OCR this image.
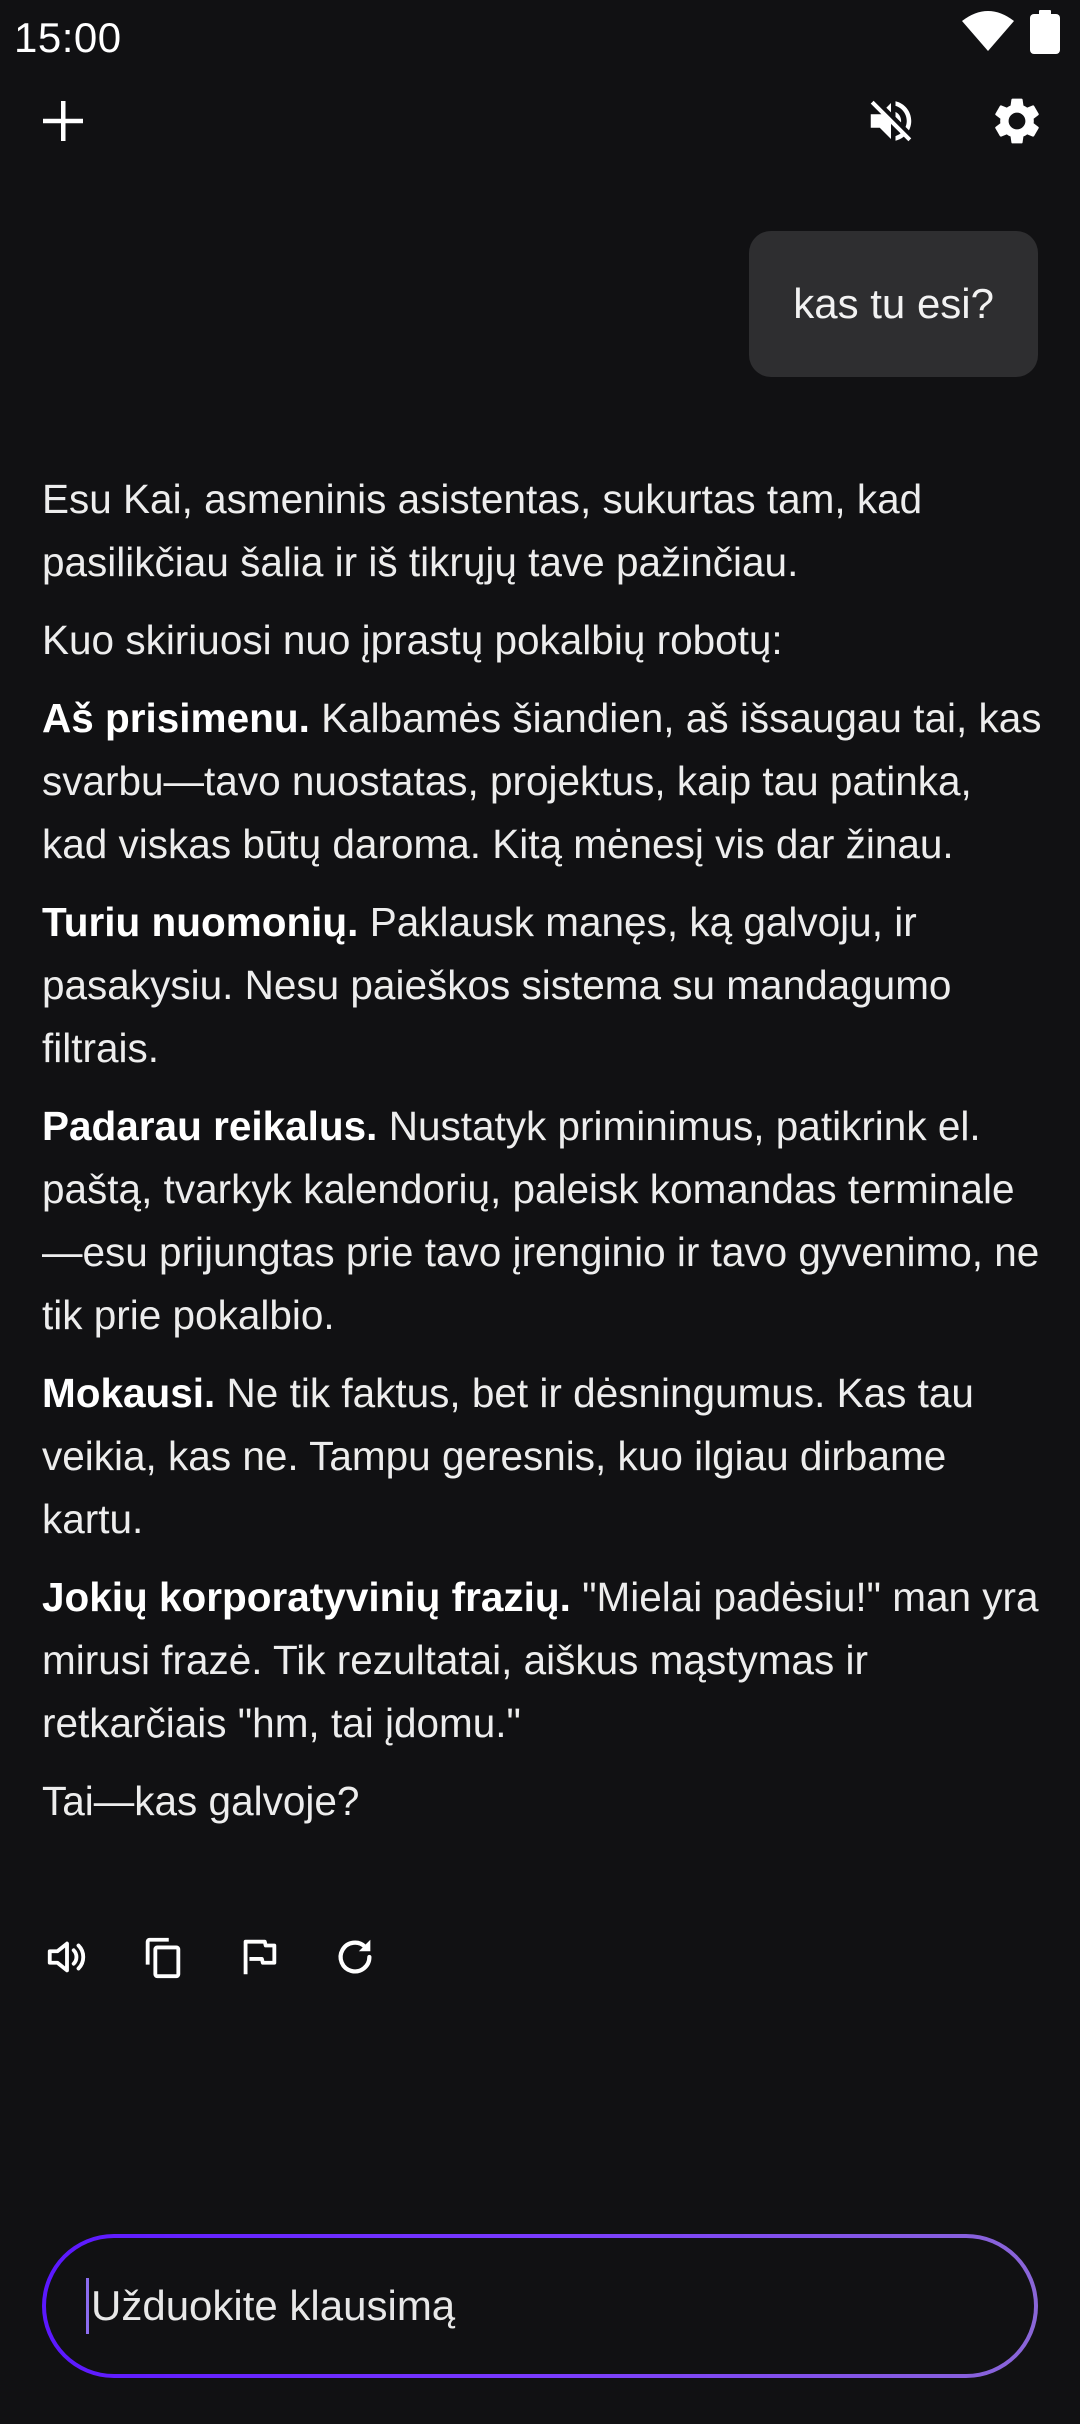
15:00
kas tu esi?

Esu Kai, asmeninis asistentas, sukurtas tam, kad pasilikčiau šalia ir iš tikrųjų tave pažinčiau.

Kuo skiriuosi nuo įprastų pokalbių robotų:

Aš prisimenu. Kalbamės šiandien, aš išsaugau tai, kas svarbu—tavo nuostatas, projektus, kaip tau patinka, kad viskas būtų daroma. Kitą mėnesį vis dar žinau.

Turiu nuomonių. Paklausk manęs, ką galvoju, ir pasakysiu. Nesu paieškos sistema su mandagumo filtrais.

Padarau reikalus. Nustatyk priminimus, patikrink el. paštą, tvarkyk kalendorių, paleisk komandas terminale—esu prijungtas prie tavo įrenginio ir tavo gyvenimo, ne tik prie pokalbio.

Mokausi. Ne tik faktus, bet ir dėsningumus. Kas tau veikia, kas ne. Tampu geresnis, kuo ilgiau dirbame kartu.

Jokių korporatyvinių frazių. "Mielai padėsiu!" man yra mirusi frazė. Tik rezultatai, aiškus mąstymas ir retkarčiais "hm, tai įdomu."

Tai—kas galvoje?

Užduokite klausimą
